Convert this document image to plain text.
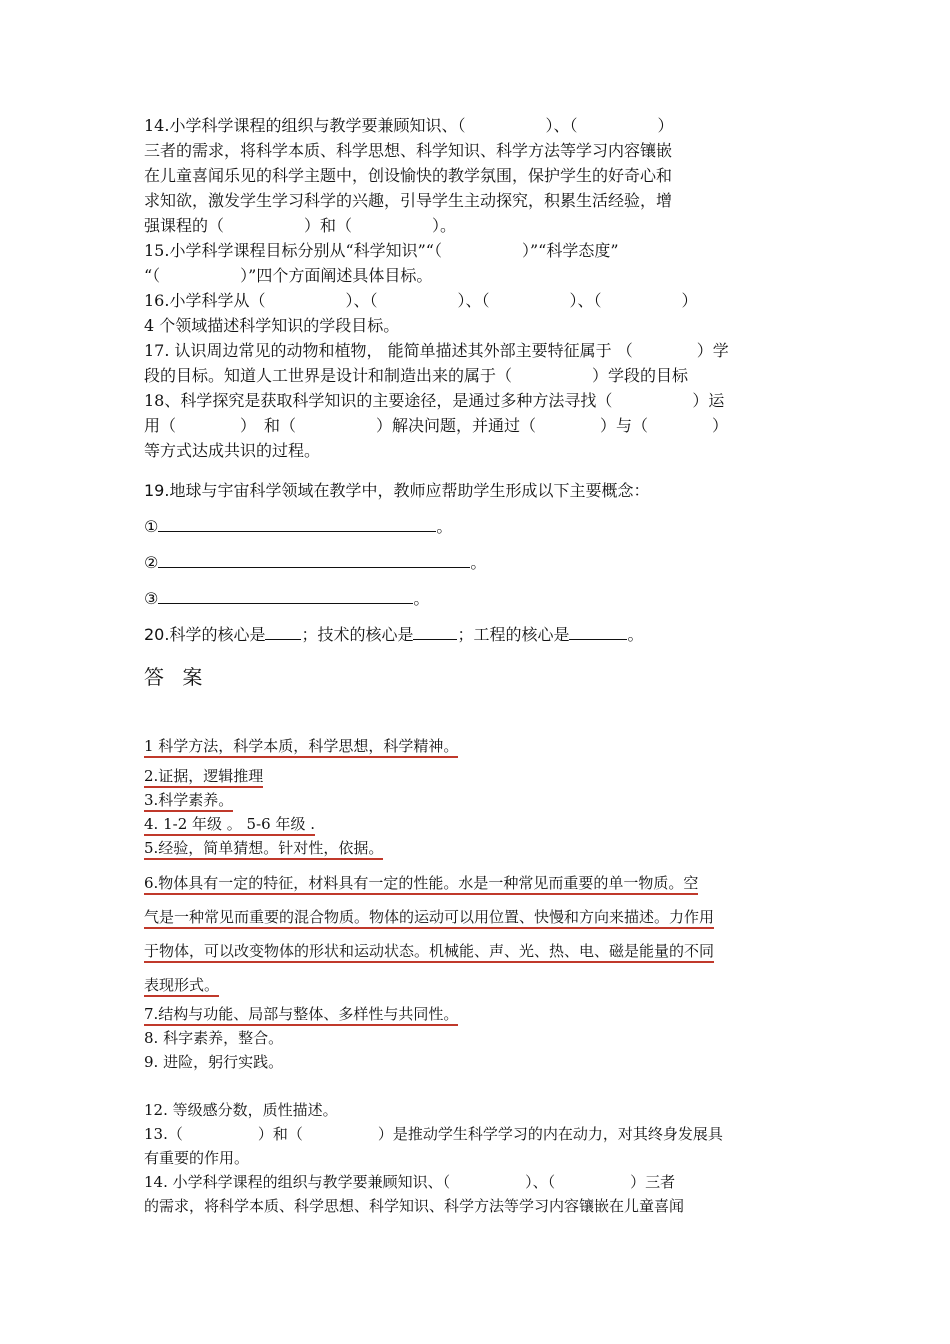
14.小学科学课程的组织与教学要兼顾知识、（　　　　　）、（　　　　　）
三者的需求，将科学本质、科学思想、科学知识、科学方法等学习内容镶嵌
在儿童喜闻乐见的科学主题中，创设愉快的教学氛围，保护学生的好奇心和
求知欲，激发学生学习科学的兴趣，引导学生主动探究，积累生活经验，增
强课程的（　　　　　）和（　　　　　）。
15.小学科学课程目标分别从“科学知识”“（　　　　　）”“科学态度”
“（　　　　　）”四个方面阐述具体目标。
16.小学科学从（　　　　　）、（　　　　　）、（　　　　　）、（　　　　　）
4 个领域描述科学知识的学段目标。
17. 认识周边常见的动物和植物， 能简单描述其外部主要特征属于 （　　　　）学
段的目标。知道人工世界是设计和制造出来的属于（　　　　　）学段的目标
18、科学探究是获取科学知识的主要途径，是通过多种方法寻找（　　　　　）运
用（　　　　）　和（　　　　　）解决问题，并通过（　　　　）与（　　　　）
等方式达成共识的过程。
19.地球与宇宙科学领域在教学中，教师应帮助学生形成以下主要概念：
①	。
②	。
③	。
20.科学的核心是 ；技术的核心是	；工程的核心是	。
答 案
1 科学方法，科学本质，科学思想，科学精神。
2.证据，逻辑推理
3.科学素养。
4. 1-2 年级 。 5-6 年级 .
5.经验，简单猜想。针对性，依据。
6.物体具有一定的特征，材料具有一定的性能。水是一种常见而重要的单一物质。空
气是一种常见而重要的混合物质。物体的运动可以用位置、快慢和方向来描述。力作用
于物体，可以改变物体的形状和运动状态。机械能、声、光、热、电、磁是能量的不同
表现形式。
7.结构与功能、局部与整体、多样性与共同性。
8. 科字素养，整合。
9. 进险，躬行实践。
12. 等级感分数，质性描述。
13.（　　　　　）和（　　　　　）是推动学生科学学习的内在动力，对其终身发展具
有重要的作用。
14. 小学科学课程的组织与教学要兼顾知识、（　　　　　）、（　　　　　）三者
的需求，将科学本质、科学思想、科学知识、科学方法等学习内容镶嵌在儿童喜闻
